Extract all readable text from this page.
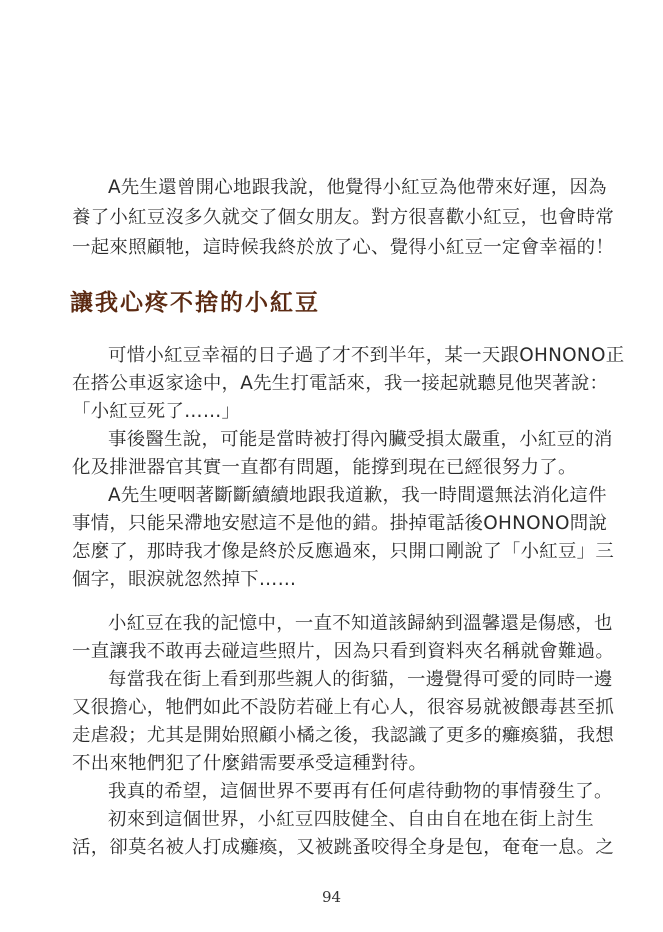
A先生還曾開心地跟我說，他覺得小紅豆為他帶來好運，因為
養了小紅豆沒多久就交了個女朋友。對方很喜歡小紅豆，也會時常
一起來照顧牠，這時候我終於放了心、覺得小紅豆一定會幸福的！
讓我心疼不捨的小紅豆
可惜小紅豆幸福的日子過了才不到半年，某一天跟OHNONO正
在搭公車返家途中，A先生打電話來，我一接起就聽見他哭著說：
「小紅豆死了……」
事後醫生說，可能是當時被打得內臟受損太嚴重，小紅豆的消
化及排泄器官其實一直都有問題，能撐到現在已經很努力了。
A先生哽咽著斷斷續續地跟我道歉，我一時間還無法消化這件
事情，只能呆滯地安慰這不是他的錯。掛掉電話後OHNONO問說
怎麼了，那時我才像是終於反應過來，只開口剛說了「小紅豆」三
個字，眼淚就忽然掉下……
小紅豆在我的記憶中，一直不知道該歸納到溫馨還是傷感，也
一直讓我不敢再去碰這些照片，因為只看到資料夾名稱就會難過。
每當我在街上看到那些親人的街貓，一邊覺得可愛的同時一邊
又很擔心，牠們如此不設防若碰上有心人，很容易就被餵毒甚至抓
走虐殺；尤其是開始照顧小橘之後，我認識了更多的癱瘓貓，我想
不出來牠們犯了什麼錯需要承受這種對待。
我真的希望，這個世界不要再有任何虐待動物的事情發生了。
初來到這個世界，小紅豆四肢健全、自由自在地在街上討生
94
活，卻莫名被人打成癱瘓，又被跳蚤咬得全身是包，奄奄一息。之
